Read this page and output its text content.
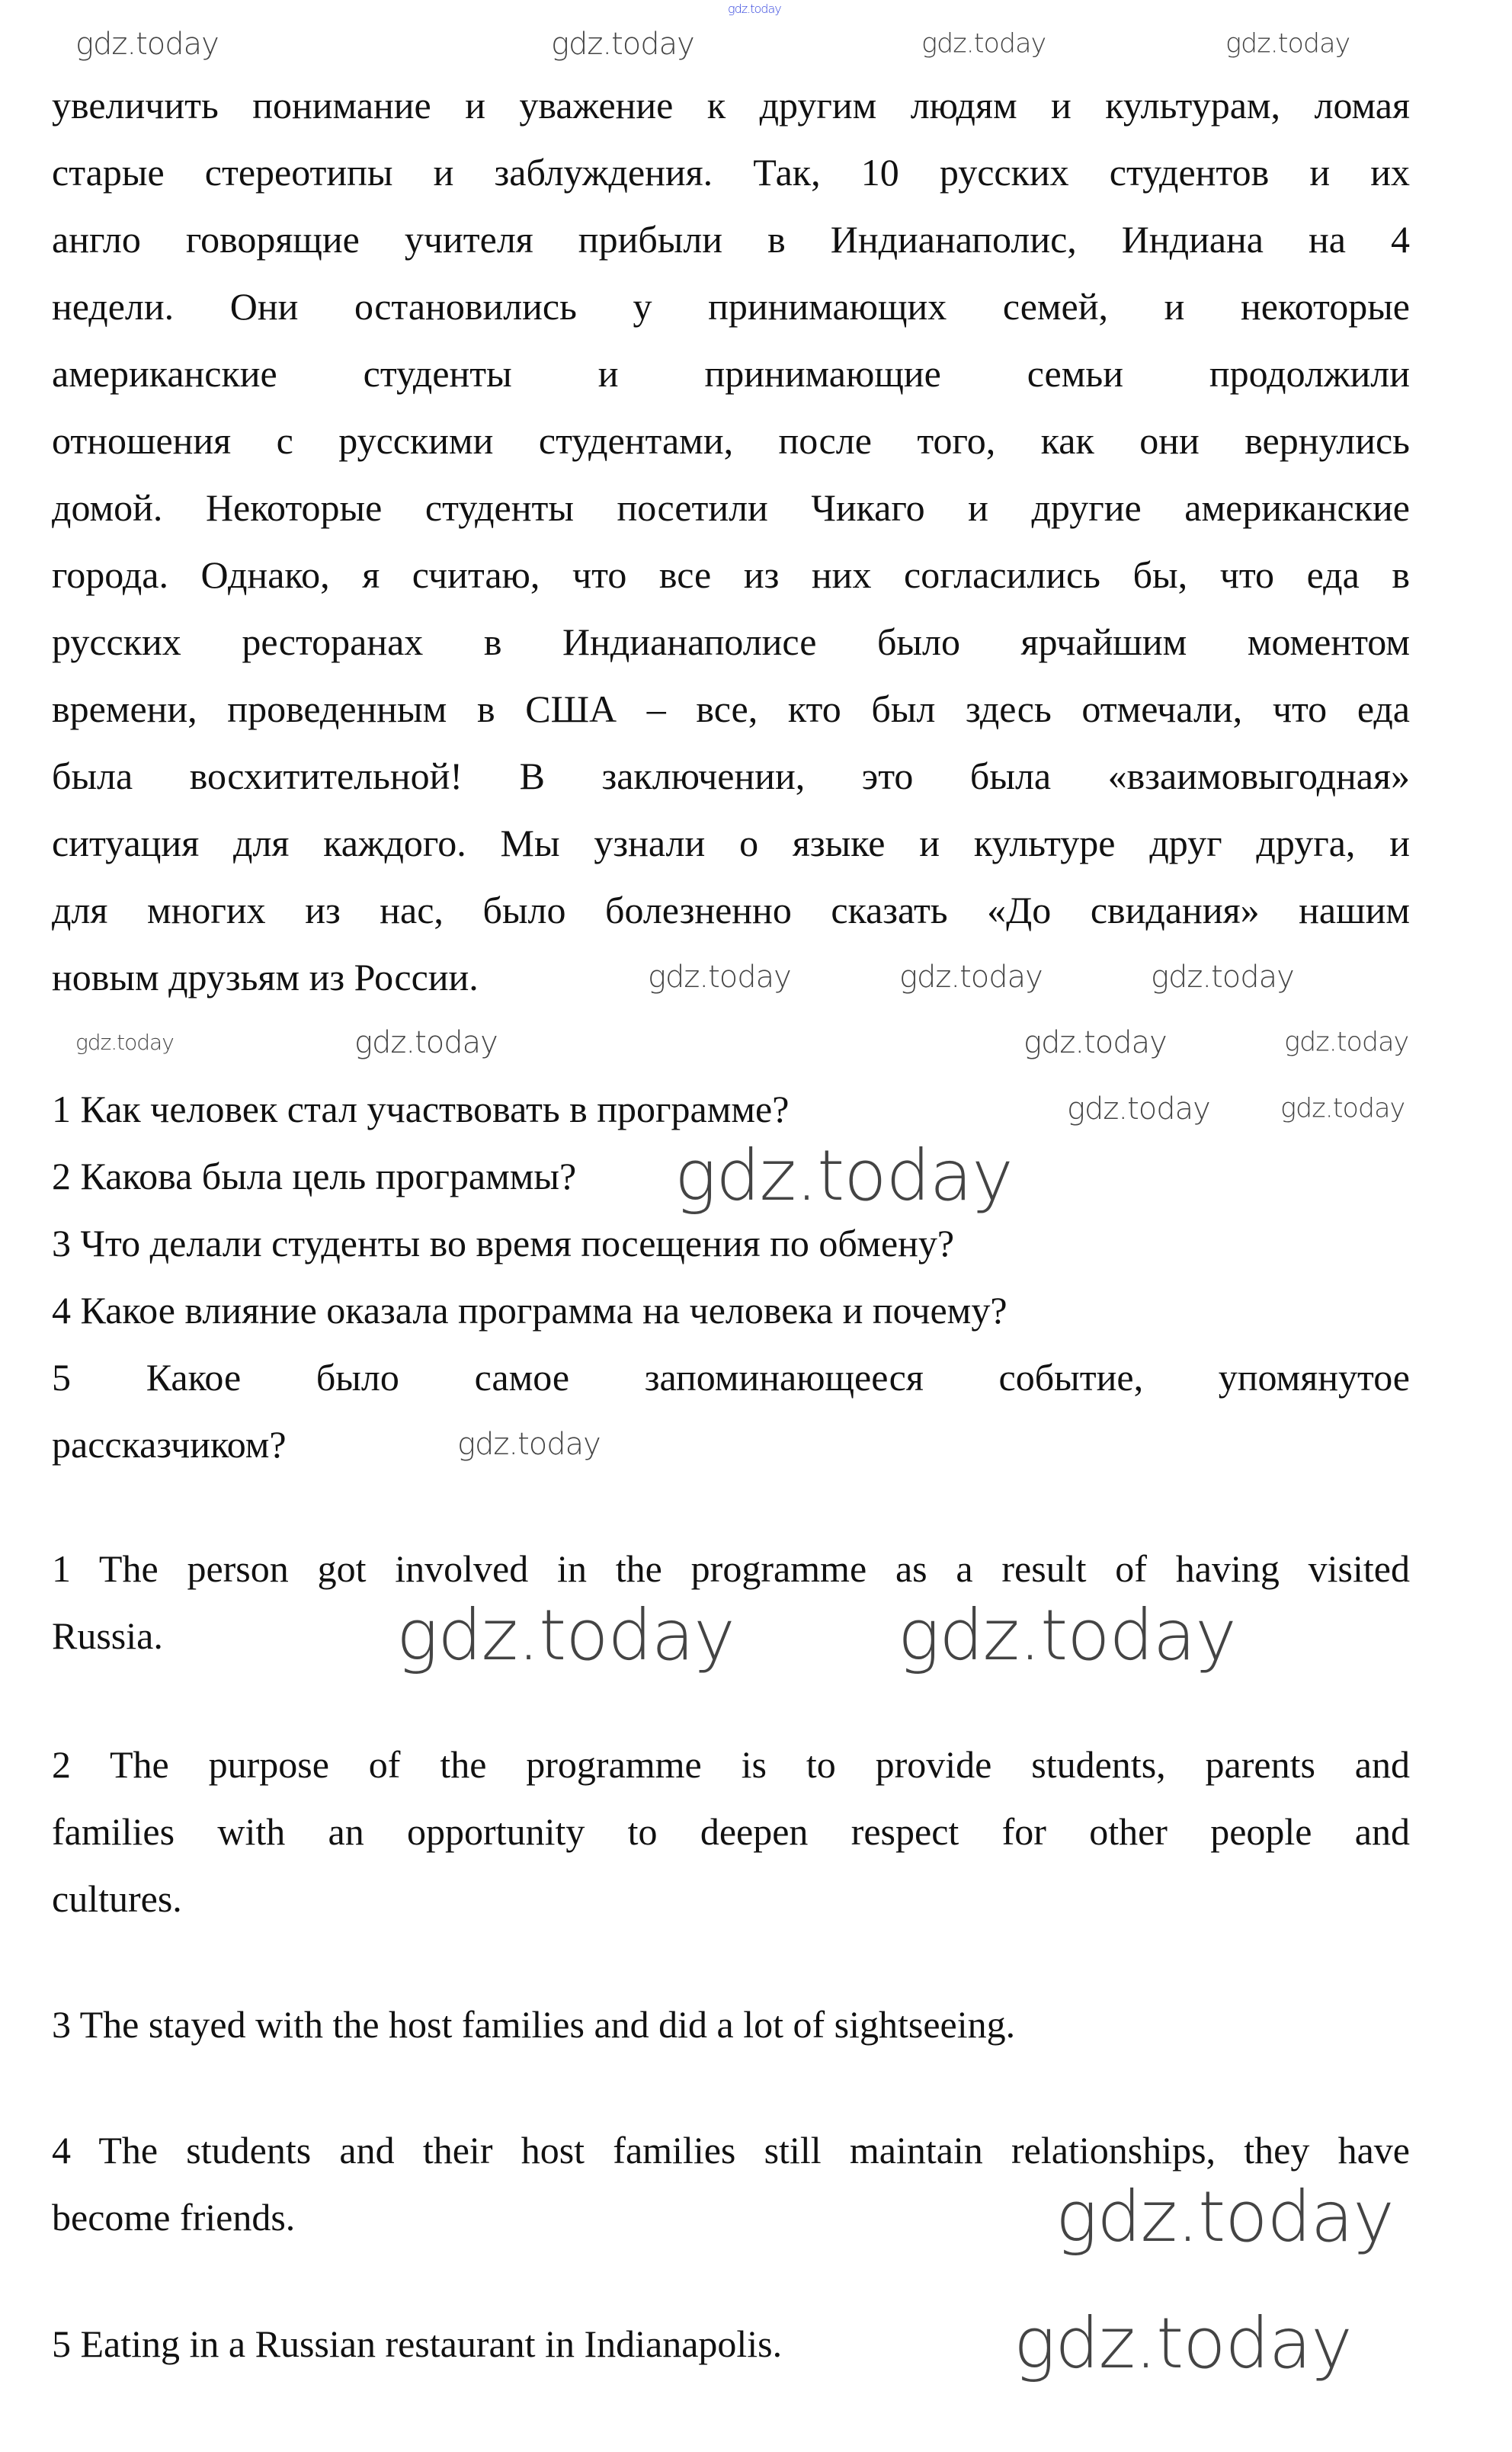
увеличить понимание и уважение к другим людям и культурам, ломая
старые стереотипы и заблуждения. Так, 10 русских студентов и их
англо говорящие учителя прибыли в Индианаполис, Индиана на 4
недели. Они остановились у принимающих семей, и некоторые
американские студенты и принимающие семьи продолжили
отношения с русскими студентами, после того, как они вернулись
домой. Некоторые студенты посетили Чикаго и другие американские
города. Однако, я считаю, что все из них согласились бы, что еда в
русских ресторанах в Индианаполисе было ярчайшим моментом
времени, проведенным в США – все, кто был здесь отмечали, что еда
была восхитительной! В заключении, это была «взаимовыгодная»
ситуация для каждого. Мы узнали о языке и культуре друг друга, и
для многих из нас, было болезненно сказать «До свидания» нашим
новым друзьям из России.
1 Как человек стал участвовать в программе?
2 Какова была цель программы?
3 Что делали студенты во время посещения по обмену?
4 Какое влияние оказала программа на человека и почему?
5 Какое было самое запоминающееся событие, упомянутое
рассказчиком?
1 The person got involved in the programme as a result of having visited
Russia.
2 The purpose of the programme is to provide students, parents and
families with an opportunity to deepen respect for other people and
cultures.
3 The stayed with the host families and did a lot of sightseeing.
4 The students and their host families still maintain relationships, they have
become friends.
5 Eating in a Russian restaurant in Indianapolis.
gdz.today
gdz.today	gdz.today	gdz.today	gdz.today
gdz.today	gdz.today	gdz.today
gdz.today
gdz.today	gdz.today	gdz.today
gdz.today
gdz.today
gdz.today
gdz.today
gdz.today
gdz.today
gdz.today
gdz.today
